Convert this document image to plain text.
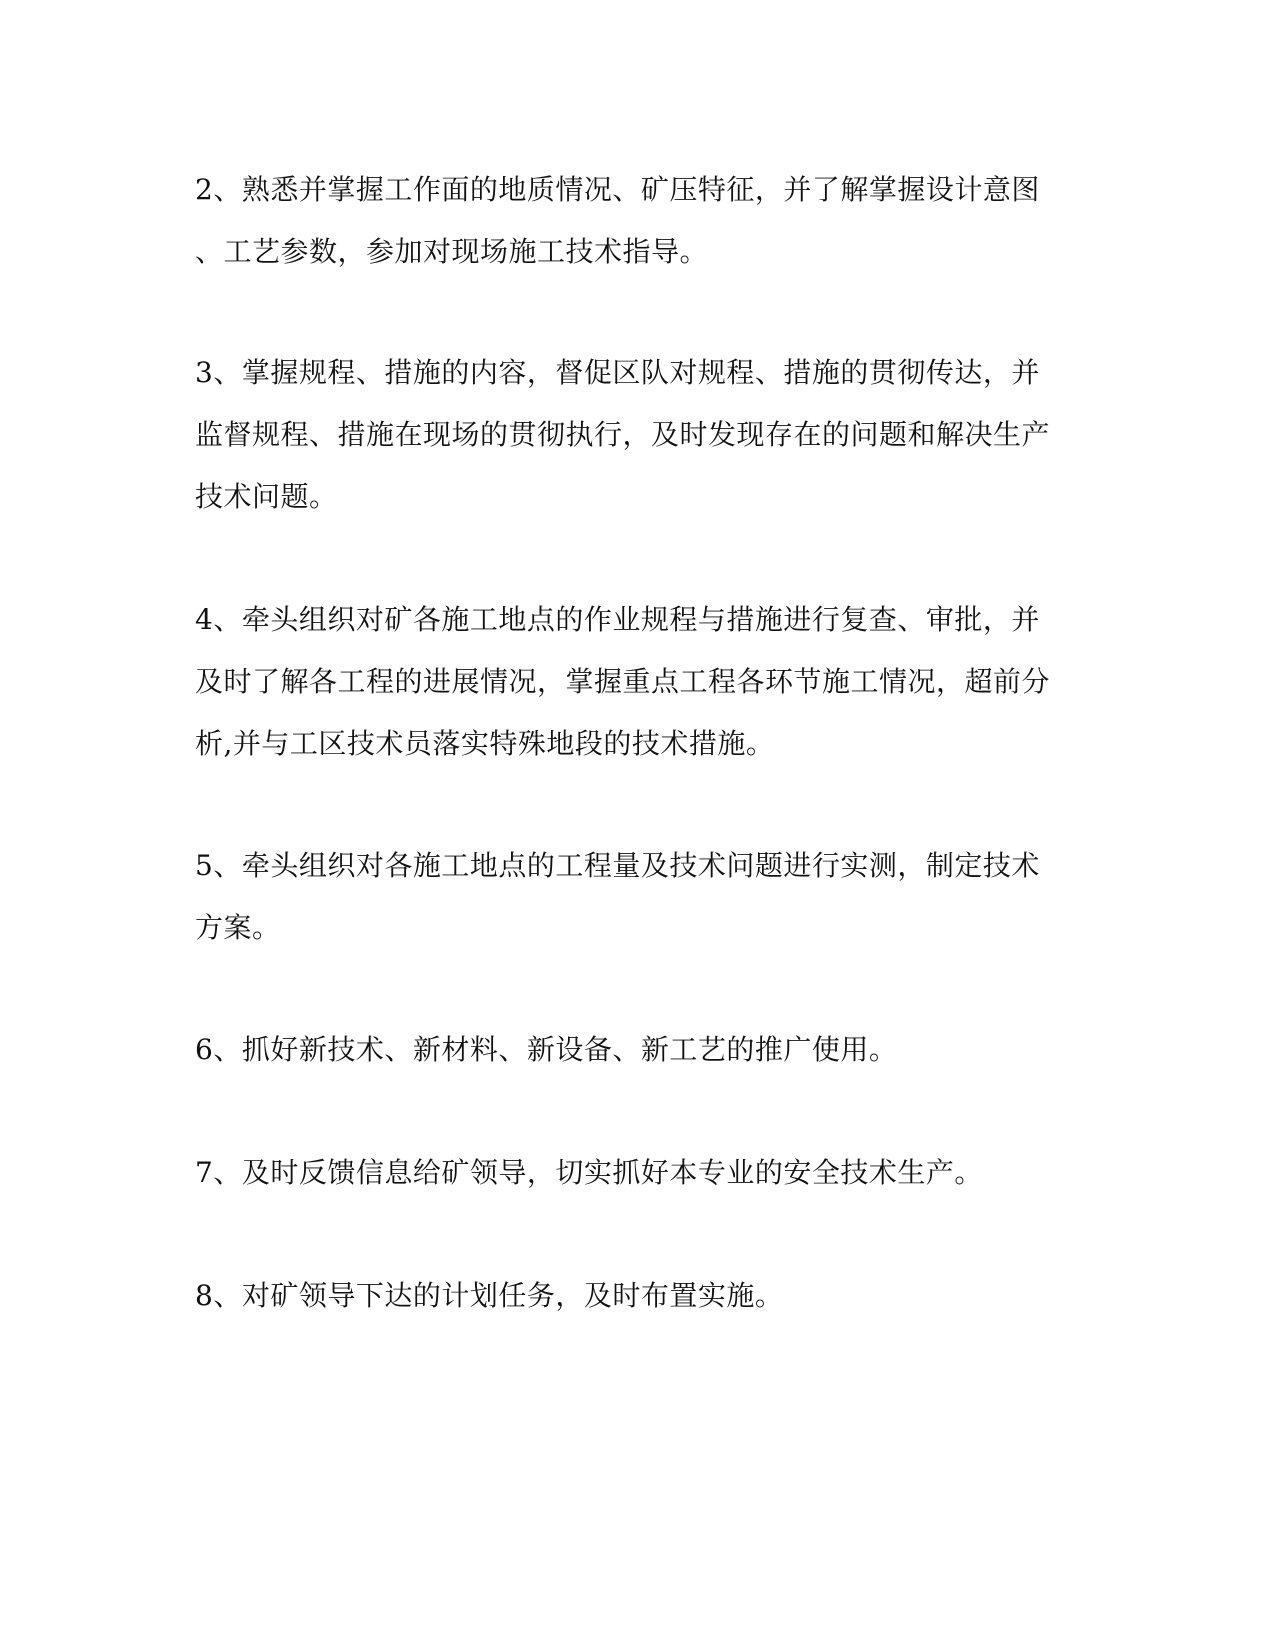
2、熟悉并掌握工作面的地质情况、矿压特征，并了解掌握设计意图
、工艺参数，参加对现场施工技术指导。
3、掌握规程、措施的内容，督促区队对规程、措施的贯彻传达，并
监督规程、措施在现场的贯彻执行，及时发现存在的问题和解决生产
技术问题。
4、牵头组织对矿各施工地点的作业规程与措施进行复查、审批，并
及时了解各工程的进展情况，掌握重点工程各环节施工情况，超前分
析,并与工区技术员落实特殊地段的技术措施。
5、牵头组织对各施工地点的工程量及技术问题进行实测，制定技术
方案。
6、抓好新技术、新材料、新设备、新工艺的推广使用。
7、及时反馈信息给矿领导，切实抓好本专业的安全技术生产。
8、对矿领导下达的计划任务，及时布置实施。
